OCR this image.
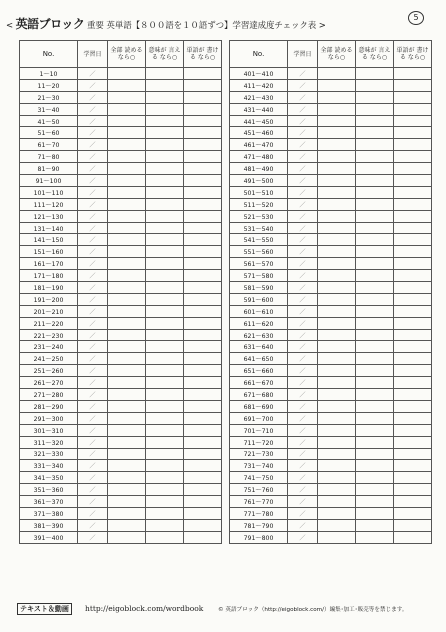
< 英語ブロック 重要 英単語【８００語を１０語ずつ】学習達成度チェック表 >
5
No.	学習日	全部 読める なら○	意味が 言える なら○	単語が 書ける なら○
1～10	／			
11～20	／			
21～30	／			
31～40	／			
41～50	／			
51～60	／			
61～70	／			
71～80	／			
81～90	／			
91～100	／			
101～110	／			
111～120	／			
121～130	／			
131～140	／			
141～150	／			
151～160	／			
161～170	／			
171～180	／			
181～190	／			
191～200	／			
201～210	／			
211～220	／			
221～230	／			
231～240	／			
241～250	／			
251～260	／			
261～270	／			
271～280	／			
281～290	／			
291～300	／			
301～310	／			
311～320	／			
321～330	／			
331～340	／			
341～350	／			
351～360	／			
361～370	／			
371～380	／			
381～390	／			
391～400	／			
No.	学習日	全部 読める なら○	意味が 言える なら○	単語が 書ける なら○
401～410	／			
411～420	／			
421～430	／			
431～440	／			
441～450	／			
451～460	／			
461～470	／			
471～480	／			
481～490	／			
491～500	／			
501～510	／			
511～520	／			
521～530	／			
531～540	／			
541～550	／			
551～560	／			
561～570	／			
571～580	／			
581～590	／			
591～600	／			
601～610	／			
611～620	／			
621～630	／			
631～640	／			
641～650	／			
651～660	／			
661～670	／			
671～680	／			
681～690	／			
691～700	／			
701～710	／			
711～720	／			
721～730	／			
731～740	／			
741～750	／			
751～760	／			
761～770	／			
771～780	／			
781～790	／			
791～800	／			
テキスト＆動画	http://eigoblock.com/wordbook	© 英語ブロック（http://eigoblock.com/）編集･加工･販売等を禁じます。
